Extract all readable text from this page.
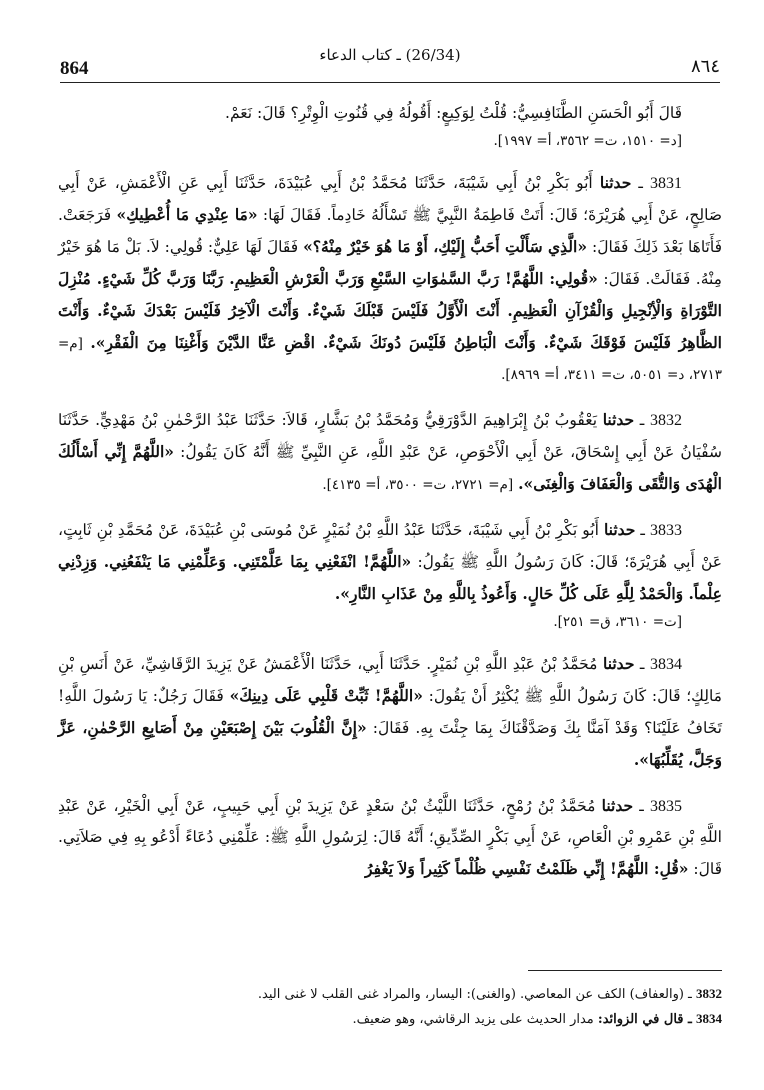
864
(26/34) ـ كتاب الدعاء
٨٦٤
قَالَ أَبُو الْحَسَنِ الطَّنَافِسِيُّ: قُلْتُ لِوَكِيعٍ: أَقُولُهُ فِي قُنُوتِ الْوِتْرِ؟ قَالَ: نَعَمْ.
[د= ١٥١٠، ت= ٣٥٦٢، أ= ١٩٩٧].
3831 ـ حدثنا أَبُو بَكْرِ بْنُ أَبِي شَيْبَةَ، حَدَّثَنَا مُحَمَّدُ بْنُ أَبِي عُبَيْدَةَ، حَدَّثَنَا أَبِي عَنِ الْأَعْمَشِ، عَنْ أَبِي صَالِحٍ، عَنْ أَبِي هُرَيْرَةَ؛ قَالَ: أَتَتْ فَاطِمَةُ النَّبِيَّ ﷺ تَسْأَلُهُ خَادِماً. فَقَالَ لَهَا: «مَا عِنْدِي مَا أُعْطِيكِ» فَرَجَعَتْ. فَأَتَاهَا بَعْدَ ذَلِكَ فَقَالَ: «الَّذِي سَأَلْتِ أَحَبُّ إِلَيْكِ، أَوْ مَا هُوَ خَيْرٌ مِنْهُ؟» فَقَالَ لَهَا عَلِيٌّ: قُولِي: لاَ. بَلْ مَا هُوَ خَيْرٌ مِنْهُ. فَقَالَتْ. فَقَالَ: «قُولِي: اللَّهُمَّ! رَبَّ السَّمٰوَاتِ السَّبْعِ وَرَبَّ الْعَرْشِ الْعَظِيمِ. رَبَّنَا وَرَبَّ كُلِّ شَيْءٍ. مُنْزِلَ التَّوْرَاةِ وَالْأِنْجِيلِ وَالْقُرْآنِ الْعَظِيمِ. أَنْتَ الْأَوَّلُ فَلَيْسَ قَبْلَكَ شَيْءٌ. وَأَنْتَ الْآخِرُ فَلَيْسَ بَعْدَكَ شَيْءٌ. وَأَنْتَ الظَّاهِرُ فَلَيْسَ فَوْقَكَ شَيْءٌ. وَأَنْتَ الْبَاطِنُ فَلَيْسَ دُونَكَ شَيْءٌ. اقْضِ عَنَّا الدَّيْنَ وَأَغْنِنَا مِنَ الْفَقْرِ». [م= ٢٧١٣، د= ٥٠٥١، ت= ٣٤١١، أ= ٨٩٦٩].
3832 ـ حدثنا يَعْقُوبُ بْنُ إِبْرَاهِيمَ الدَّوْرَقِيُّ وَمُحَمَّدُ بْنُ بَشَّارٍ، قَالاَ: حَدَّثَنَا عَبْدُ الرَّحْمٰنِ بْنُ مَهْدِيٍّ. حَدَّثَنَا سُفْيَانُ عَنْ أَبِي إِسْحَاقَ، عَنْ أَبِي الْأَحْوَصِ، عَنْ عَبْدِ اللَّهِ، عَنِ النَّبِيِّ ﷺ أَنَّهُ كَانَ يَقُولُ: «اللَّهُمَّ إِنِّي أَسْأَلُكَ الْهُدَى وَالتُّقَى وَالْعَفَافَ وَالْغِنَى». [م= ٢٧٢١، ت= ٣٥٠٠، أ= ٤١٣٥].
3833 ـ حدثنا أَبُو بَكْرِ بْنُ أَبِي شَيْبَةَ، حَدَّثَنَا عَبْدُ اللَّهِ بْنُ نُمَيْرٍ عَنْ مُوسَى بْنِ عُبَيْدَةَ، عَنْ مُحَمَّدِ بْنِ ثَابِتٍ، عَنْ أَبِي هُرَيْرَةَ؛ قَالَ: كَانَ رَسُولُ اللَّهِ ﷺ يَقُولُ: «اللَّهُمَّ! انْفَعْنِي بِمَا عَلَّمْتَنِي. وَعَلِّمْنِي مَا يَنْفَعُنِي. وَزِدْنِي عِلْماً. وَالْحَمْدُ لِلَّهِ عَلَى كُلِّ حَالٍ. وَأَعُوذُ بِاللَّهِ مِنْ عَذَابِ النَّارِ».
[ت= ٣٦١٠، ق= ٢٥١].
3834 ـ حدثنا مُحَمَّدُ بْنُ عَبْدِ اللَّهِ بْنِ نُمَيْرٍ. حَدَّثَنَا أَبِي، حَدَّثَنَا الْأَعْمَشُ عَنْ يَزِيدَ الرَّقَاشِيِّ، عَنْ أَنَسِ بْنِ مَالِكٍ؛ قَالَ: كَانَ رَسُولُ اللَّهِ ﷺ يُكْثِرُ أَنْ يَقُولَ: «اللَّهُمَّ! ثَبِّتْ قَلْبِي عَلَى دِينِكَ» فَقَالَ رَجُلٌ: يَا رَسُولَ اللَّهِ! تَخَافُ عَلَيْنَا؟ وَقَدْ آمَنَّا بِكَ وَصَدَّقْنَاكَ بِمَا جِئْتَ بِهِ. فَقَالَ: «إِنَّ الْقُلُوبَ بَيْنَ إِصْبَعَيْنِ مِنْ أَصَابِعِ الرَّحْمٰنِ، عَزَّ وَجَلَّ، يُقَلِّبُهَا».
3835 ـ حدثنا مُحَمَّدُ بْنُ رُمْحٍ، حَدَّثَنَا اللَّيْثُ بْنُ سَعْدٍ عَنْ يَزِيدَ بْنِ أَبِي حَبِيبٍ، عَنْ أَبِي الْخَيْرِ، عَنْ عَبْدِ اللَّهِ بْنِ عَمْرِو بْنِ الْعَاصِ، عَنْ أَبِي بَكْرٍ الصِّدِّيقِ؛ أَنَّهُ قَالَ: لِرَسُولِ اللَّهِ ﷺ: عَلِّمْنِي دُعَاءً أَدْعُو بِهِ فِي صَلاَتِي. قَالَ: «قُلِ: اللَّهُمَّ! إِنِّي ظَلَمْتُ نَفْسِي ظُلْماً كَثِيراً وَلاَ يَغْفِرُ
3832 ـ (والعفاف) الكف عن المعاصي. (والغنى): اليسار، والمراد غنى القلب لا غنى اليد.
3834 ـ قال في الزوائد: مدار الحديث على يزيد الرقاشي، وهو ضعيف.
